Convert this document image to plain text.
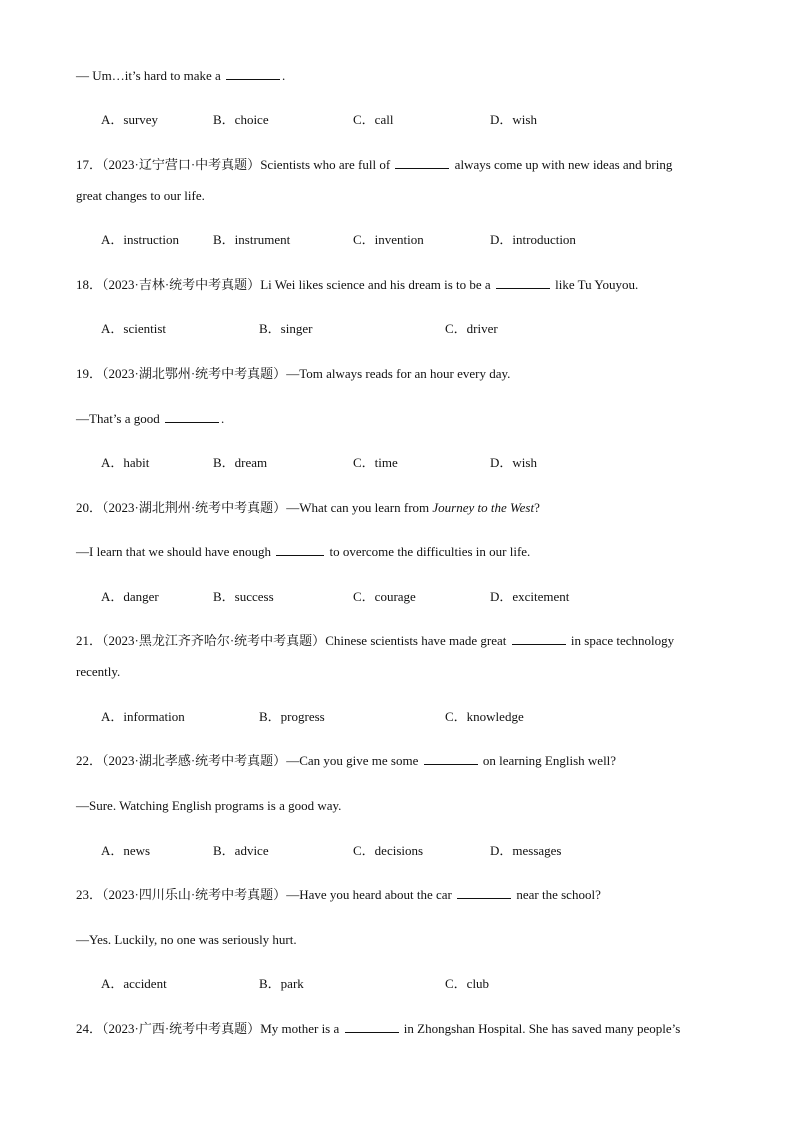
— Um…it’s hard to make a	.
A．survey	B．choice	C．call	D．wish
17．（2023·辽宁营口·中考真题）Scientists who are full of	always come up with new ideas and bring
great changes to our life.
A．instruction	B．instrument	C．invention	D．introduction
18．（2023·吉林·统考中考真题）Li Wei likes science and his dream is to be a	like Tu Youyou.
A．scientist	B．singer	C．driver
19．（2023·湖北鄂州·统考中考真题）—Tom always reads for an hour every day.
—That’s a good	.
A．habit	B．dream	C．time	D．wish
20．（2023·湖北荆州·统考中考真题）—What can you learn from Journey to the West?
—I learn that we should have enough	to overcome the difficulties in our life.
A．danger	B．success	C．courage	D．excitement
21．（2023·黑龙江齐齐哈尔·统考中考真题）Chinese scientists have made great	in space technology
recently.
A．information	B．progress	C．knowledge
22．（2023·湖北孝感·统考中考真题）—Can you give me some	on learning English well?
—Sure. Watching English programs is a good way.
A．news	B．advice	C．decisions	D．messages
23．（2023·四川乐山·统考中考真题）—Have you heard about the car	near the school?
—Yes. Luckily, no one was seriously hurt.
A．accident	B．park	C．club
24．（2023·广西·统考中考真题）My mother is a	in Zhongshan Hospital. She has saved many people’s
